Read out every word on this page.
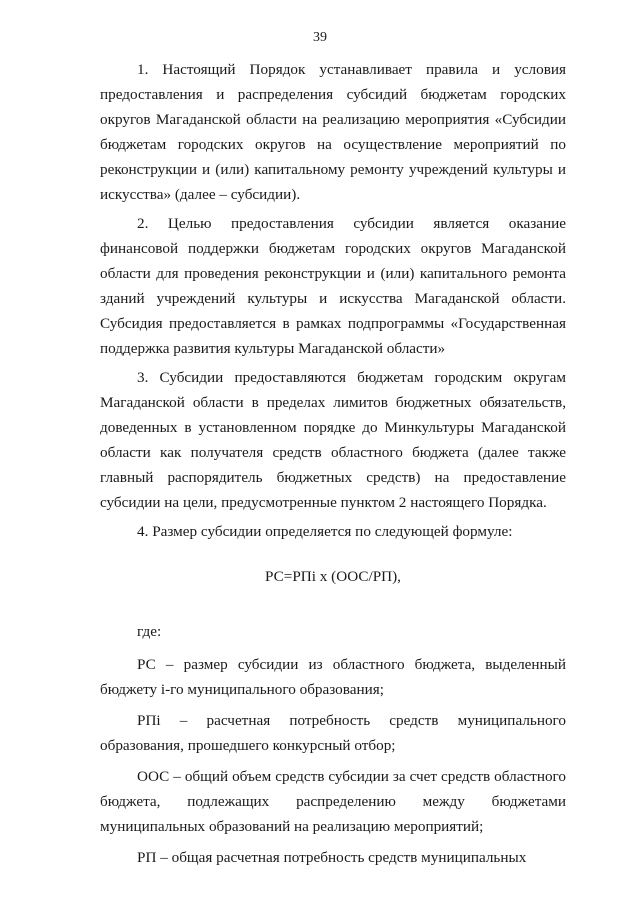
39

1. Настоящий Порядок устанавливает правила и условия предоставления и распределения субсидий бюджетам городских округов Магаданской области на реализацию мероприятия «Субсидии бюджетам городских округов на осуществление мероприятий по реконструкции и (или) капитальному ремонту учреждений культуры и искусства» (далее – субсидии).

2. Целью предоставления субсидии является оказание финансовой поддержки бюджетам городских округов Магаданской области для проведения реконструкции и (или) капитального ремонта зданий учреждений культуры и искусства Магаданской области. Субсидия предоставляется в рамках подпрограммы «Государственная поддержка развития культуры Магаданской области»

3. Субсидии предоставляются бюджетам городским округам Магаданской области в пределах лимитов бюджетных обязательств, доведенных в установленном порядке до Минкультуры Магаданской области как получателя средств областного бюджета (далее также главный распорядитель бюджетных средств) на предоставление субсидии на цели, предусмотренные пунктом 2 настоящего Порядка.

4. Размер субсидии определяется по следующей формуле:

РС=РПi x (ООС/РП),

где:

РС – размер субсидии из областного бюджета, выделенный бюджету i-го муниципального образования;

РПi – расчетная потребность средств муниципального образования, прошедшего конкурсный отбор;

ООС – общий объем средств субсидии за счет средств областного бюджета, подлежащих распределению между бюджетами муниципальных образований на реализацию мероприятий;

РП – общая расчетная потребность средств муниципальных
